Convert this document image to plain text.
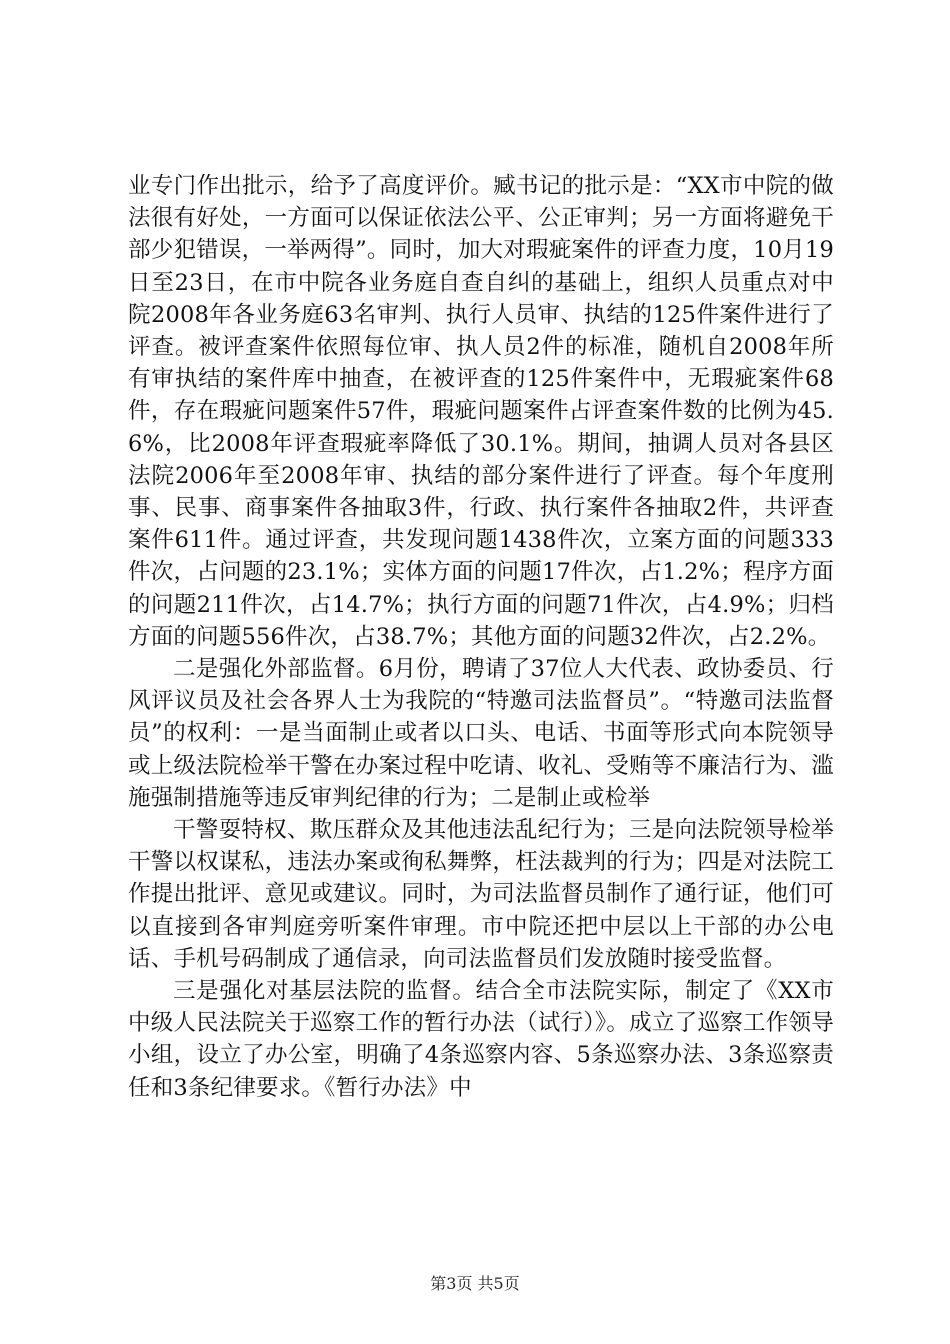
业专门作出批示，给予了高度评价。臧书记的批示是：“XX市中院的做法很有好处，一方面可以保证依法公平、公正审判；另一方面将避免干部少犯错误，一举两得”。同时，加大对瑕疵案件的评查力度，10月19日至23日，在市中院各业务庭自查自纠的基础上，组织人员重点对中院2008年各业务庭63名审判、执行人员审、执结的125件案件进行了评查。被评查案件依照每位审、执人员2件的标准，随机自2008年所有审执结的案件库中抽查，在被评查的125件案件中，无瑕疵案件68件，存在瑕疵问题案件57件，瑕疵问题案件占评查案件数的比例为45.6%，比2008年评查瑕疵率降低了30.1%。期间，抽调人员对各县区法院2006年至2008年审、执结的部分案件进行了评查。每个年度刑事、民事、商事案件各抽取3件，行政、执行案件各抽取2件，共评查案件611件。通过评查，共发现问题1438件次，立案方面的问题333件次，占问题的23.1%；实体方面的问题17件次，占1.2%；程序方面的问题211件次，占14.7%；执行方面的问题71件次，占4.9%；归档方面的问题556件次，占38.7%；其他方面的问题32件次，占2.2%。

二是强化外部监督。6月份，聘请了37位人大代表、政协委员、行风评议员及社会各界人士为我院的“特邀司法监督员”。“特邀司法监督员”的权利：一是当面制止或者以口头、电话、书面等形式向本院领导或上级法院检举干警在办案过程中吃请、收礼、受贿等不廉洁行为、滥施强制措施等违反审判纪律的行为；二是制止或检举

干警耍特权、欺压群众及其他违法乱纪行为；三是向法院领导检举干警以权谋私，违法办案或徇私舞弊，枉法裁判的行为；四是对法院工作提出批评、意见或建议。同时，为司法监督员制作了通行证，他们可以直接到各审判庭旁听案件审理。市中院还把中层以上干部的办公电话、手机号码制成了通信录，向司法监督员们发放随时接受监督。

三是强化对基层法院的监督。结合全市法院实际，制定了《XX市中级人民法院关于巡察工作的暂行办法（试行）》。成立了巡察工作领导小组，设立了办公室，明确了4条巡察内容、5条巡察办法、3条巡察责任和3条纪律要求。《暂行办法》中

第3页 共5页
